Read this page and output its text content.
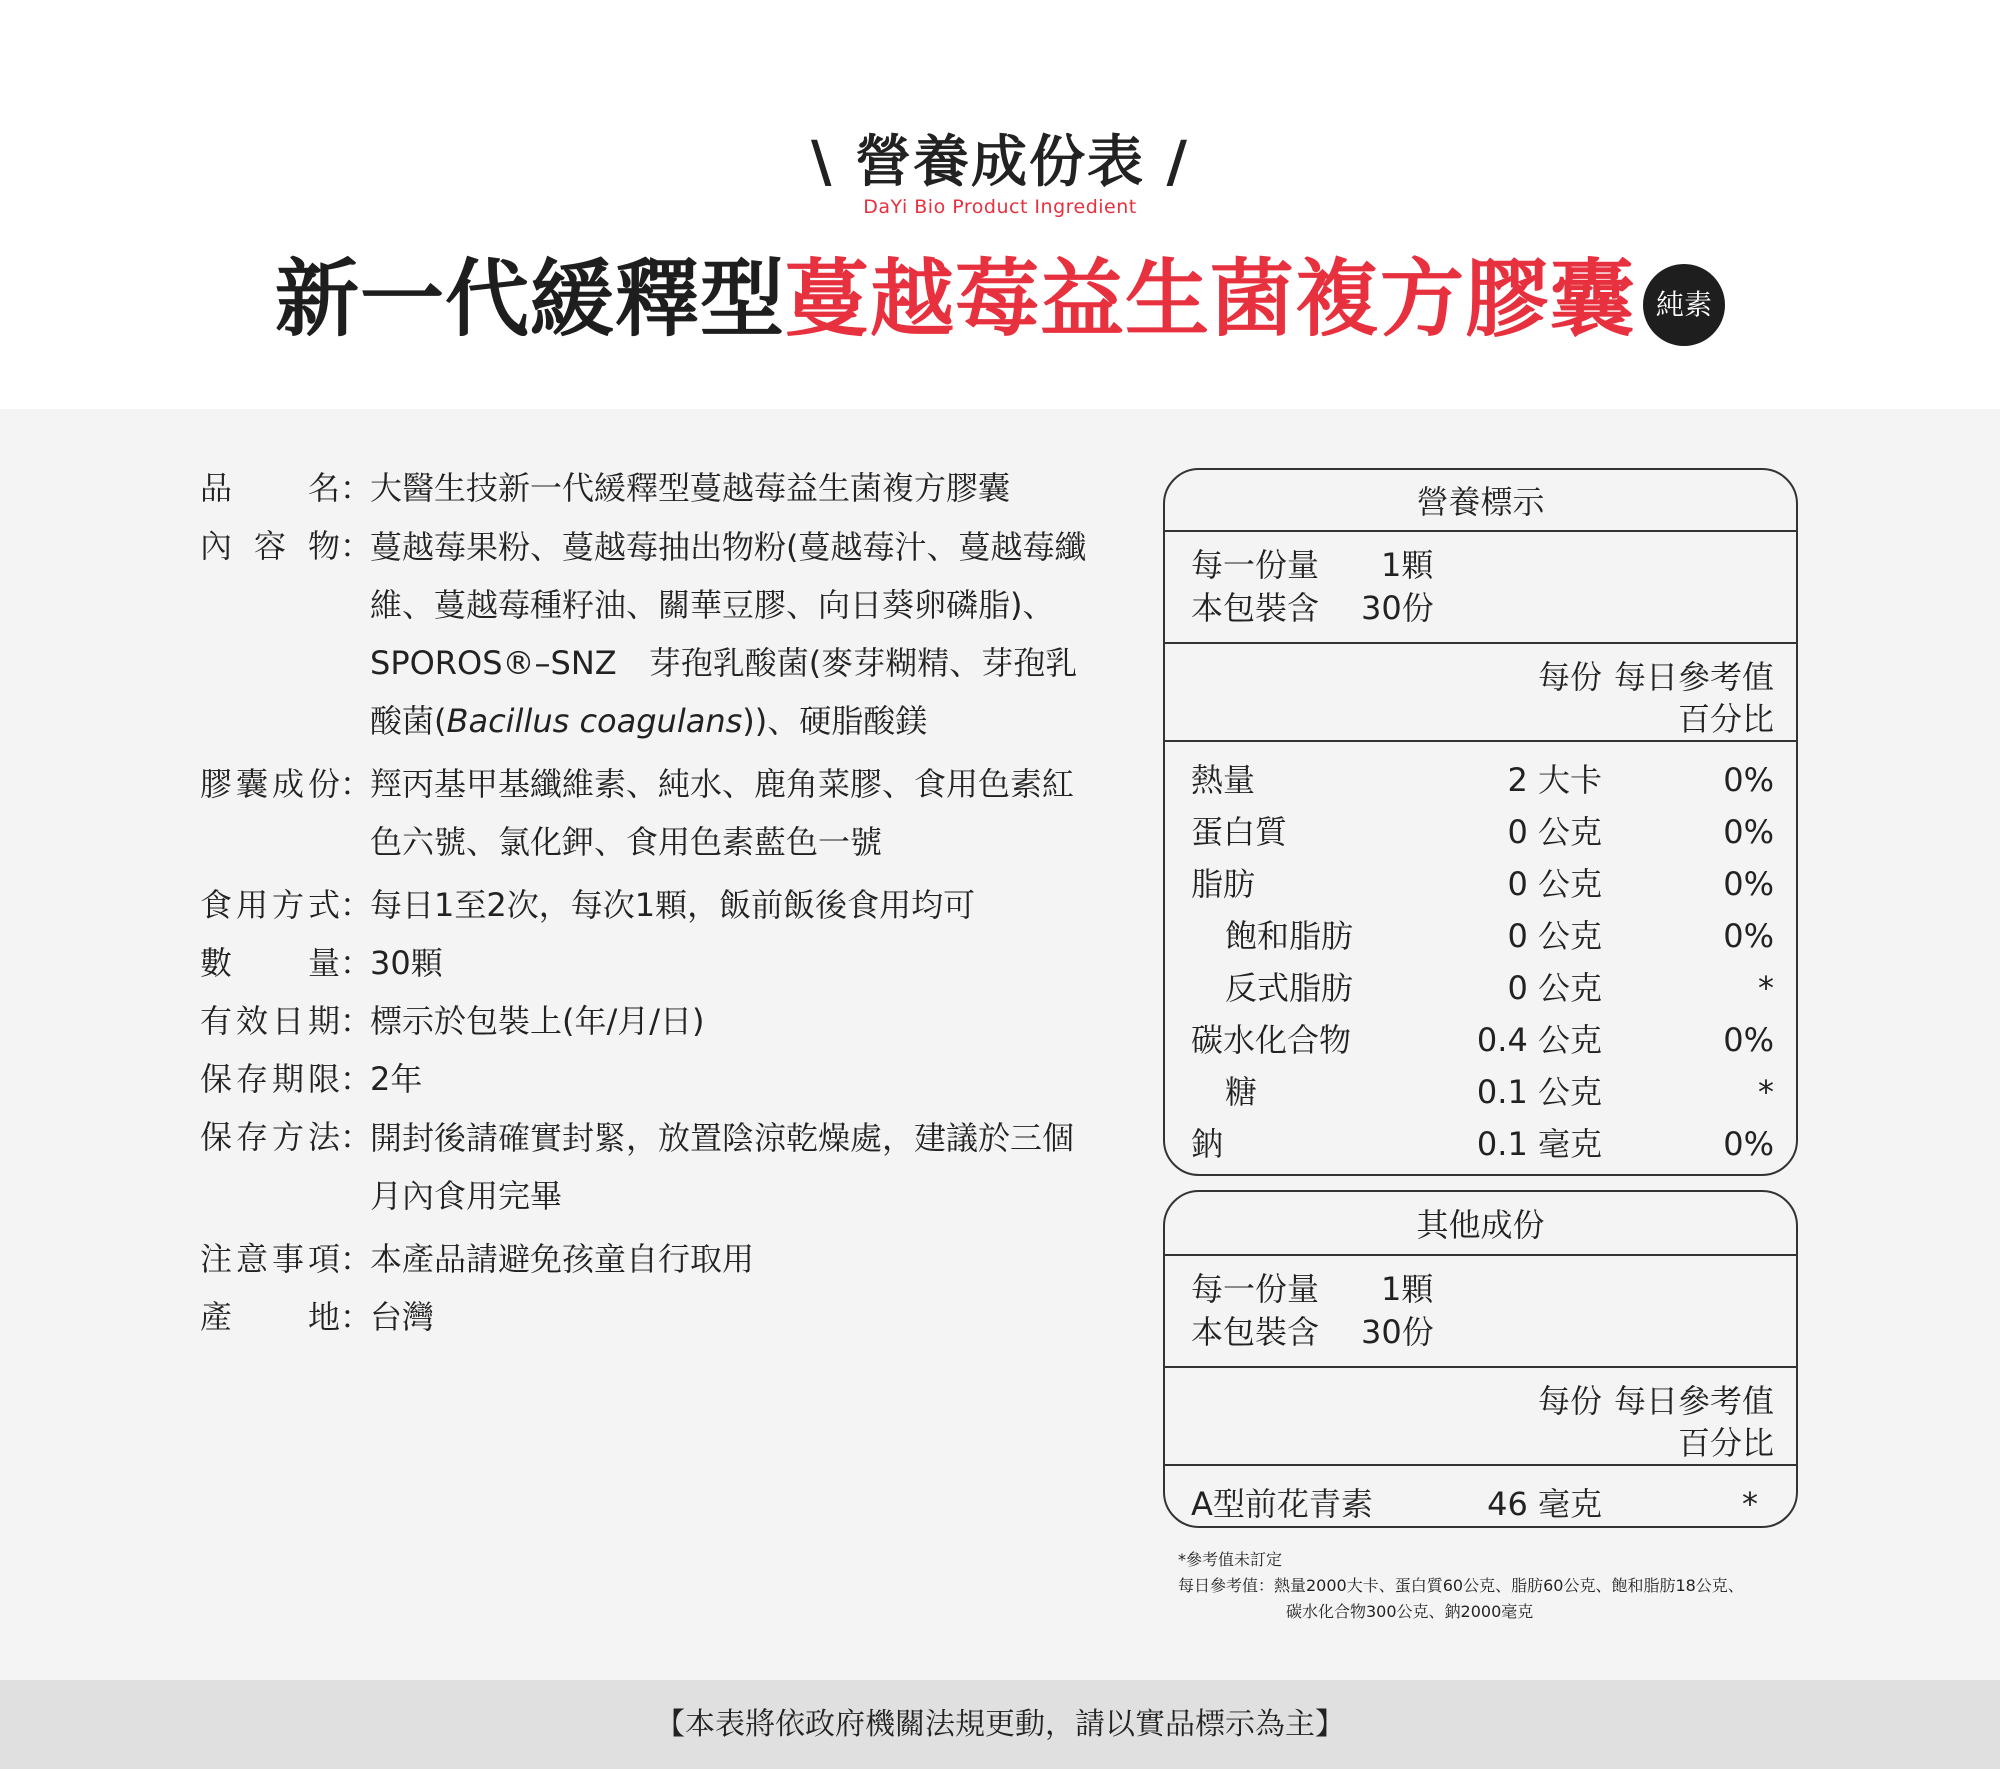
\ 營養成份表 /
DaYi Bio Product Ingredient
新一代緩釋型蔓越莓益生菌複方膠囊 純素
品名 ：
大醫生技新一代緩釋型蔓越莓益生菌複方膠囊
內容物 ：
蔓越莓果粉、蔓越莓抽出物粉(蔓越莓汁、蔓越莓纖維、蔓越莓種籽油、關華豆膠、向日葵卵磷脂)、SPOROS®–SNZ　芽孢乳酸菌(麥芽糊精、芽孢乳酸菌(Bacillus coagulans))、硬脂酸鎂
膠囊成份 ：
羥丙基甲基纖維素、純水、鹿角菜膠、食用色素紅色六號、氯化鉀、食用色素藍色一號
食用方式 ：
每日1至2次，每次1顆，飯前飯後食用均可
數量 ：
30顆
有效日期 ：
標示於包裝上(年/月/日)
保存期限 ：
2年
保存方法 ：
開封後請確實封緊，放置陰涼乾燥處，建議於三個月內食用完畢
注意事項 ：
本產品請避免孩童自行取用
產地 ：
台灣
營養標示
每一份量	1顆
本包裝含	30份
每份 每日參考值
百分比
熱量	2 大卡	0%
蛋白質	0 公克	0%
脂肪	0 公克	0%
飽和脂肪	0 公克	0%
反式脂肪	0 公克	*
碳水化合物	0.4 公克	0%
糖	0.1 公克	*
鈉	0.1 毫克	0%
其他成份
每一份量	1顆
本包裝含	30份
每份 每日參考值
百分比
A型前花青素	46 毫克	*
*參考值未訂定
每日參考值：熱量2000大卡、蛋白質60公克、脂肪60公克、飽和脂肪18公克、
碳水化合物300公克、鈉2000毫克
【本表將依政府機關法規更動，請以實品標示為主】
